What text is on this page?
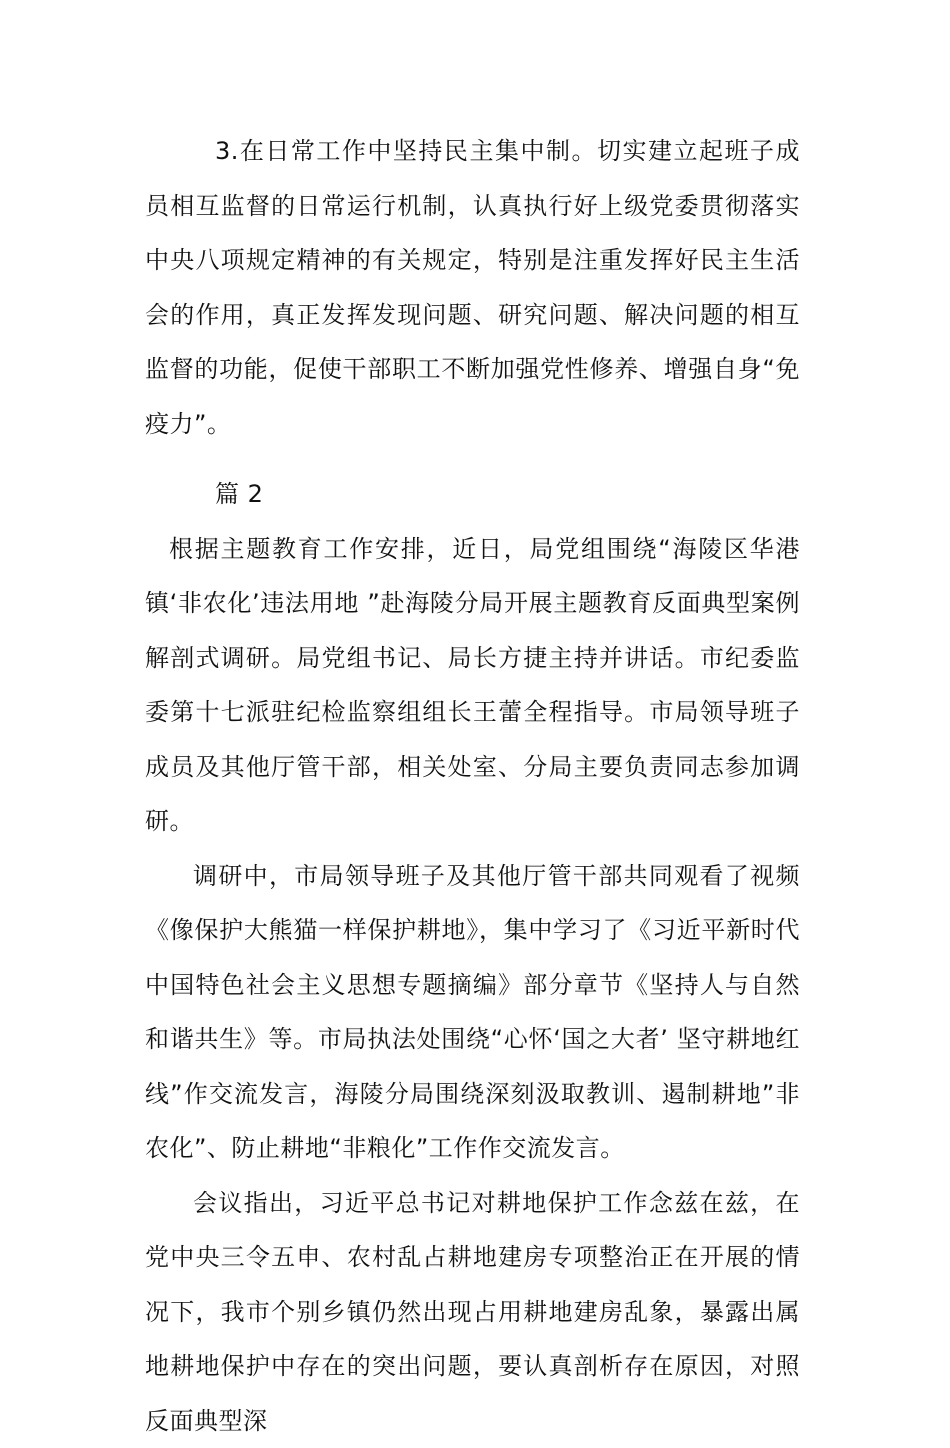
3.在日常工作中坚持民主集中制。切实建立起班子成员相互监督的日常运行机制，认真执行好上级党委贯彻落实中央八项规定精神的有关规定，特别是注重发挥好民主生活会的作用，真正发挥发现问题、研究问题、解决问题的相互监督的功能，促使干部职工不断加强党性修养、增强自身“免疫力”。

篇 2

根据主题教育工作安排，近日，局党组围绕“海陵区华港镇‘非农化’违法用地 ”赴海陵分局开展主题教育反面典型案例解剖式调研。局党组书记、局长方捷主持并讲话。市纪委监委第十七派驻纪检监察组组长王蕾全程指导。市局领导班子成员及其他厅管干部，相关处室、分局主要负责同志参加调研。

调研中，市局领导班子及其他厅管干部共同观看了视频《像保护大熊猫一样保护耕地》，集中学习了《习近平新时代中国特色社会主义思想专题摘编》部分章节《坚持人与自然和谐共生》等。市局执法处围绕“心怀‘国之大者’ 坚守耕地红线”作交流发言，海陵分局围绕深刻汲取教训、遏制耕地”非农化”、防止耕地“非粮化”工作作交流发言。

会议指出，习近平总书记对耕地保护工作念兹在兹，在党中央三令五申、农村乱占耕地建房专项整治正在开展的情况下，我市个别乡镇仍然出现占用耕地建房乱象，暴露出属地耕地保护中存在的突出问题，要认真剖析存在原因，对照反面典型深
